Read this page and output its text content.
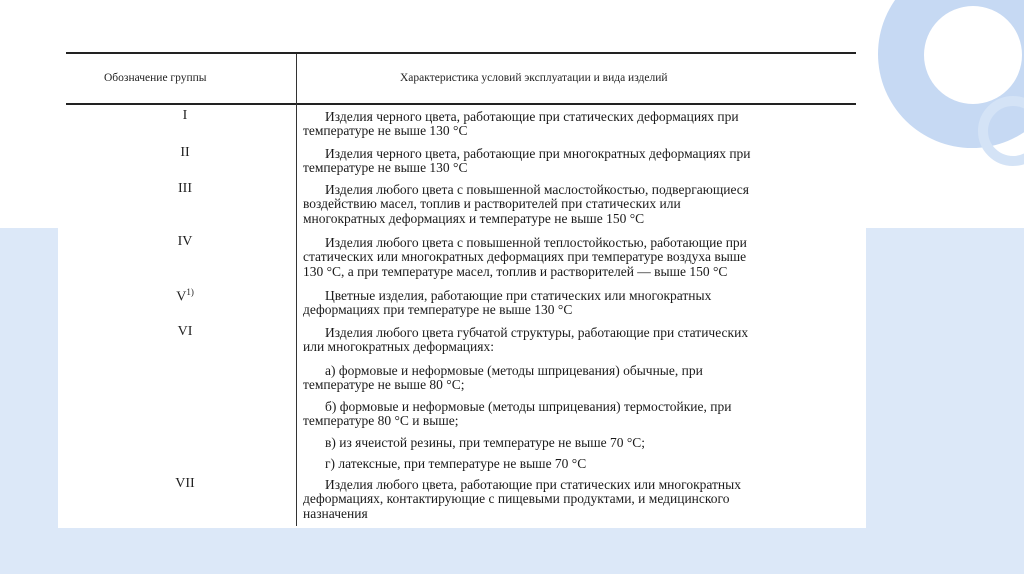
Обозначение группы	Характеристика условий эксплуатации и вида изделий
I	Изделия черного цвета, работающие при статических деформациях при
температуре не выше 130 °С
II	Изделия черного цвета, работающие при многократных деформациях при
температуре не выше 130 °С
III	Изделия любого цвета с повышенной маслостойкостью, подвергающиеся
воздействию масел, топлив и растворителей при статических или
многократных деформациях и температуре не выше 150 °С
IV	Изделия любого цвета с повышенной теплостойкостью, работающие при
статических или многократных деформациях при температуре воздуха выше
130 °С, а при температуре масел, топлив и растворителей — выше 150 °С
$V^{1)}$	Цветные изделия, работающие при статических или многократных
деформациях при температуре не выше 130 °С
VI	Изделия любого цвета губчатой структуры, работающие при статических
или многократных деформациях:
а) формовые и неформовые (методы шприцевания) обычные, при
температуре не выше 80 °С;
б) формовые и неформовые (методы шприцевания) термостойкие, при
температуре 80 °С и выше;
в) из ячеистой резины, при температуре не выше 70 °С;
г) латексные, при температуре не выше 70 °С
VII	Изделия любого цвета, работающие при статических или многократных
деформациях, контактирующие с пищевыми продуктами, и медицинского
назначения
